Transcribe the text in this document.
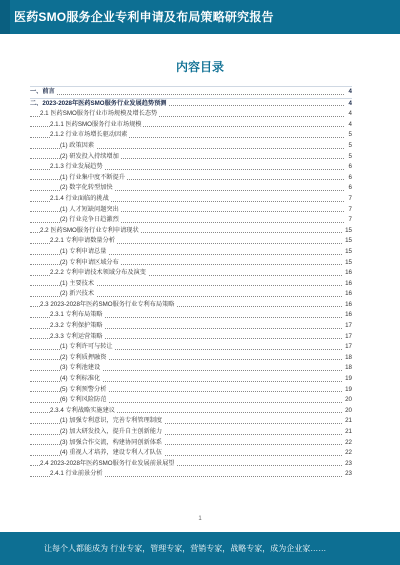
医药SMO服务企业专利申请及布局策略研究报告
内容目录
一、前言	4
二、2023-2028年医药SMO服务行业发展趋势预测	4
2.1 医药SMO服务行业市场规模及增长态势	4
2.1.1 医药SMO服务行业市场规模	4
2.1.2 行业市场增长驱动因素	5
(1) 政策因素	5
(2) 研发投入持续增加	5
2.1.3 行业发展趋势	6
(1) 行业集中度不断提升	6
(2) 数字化转型加快	6
2.1.4 行业面临的挑战	7
(1) 人才短缺问题突出	7
(2) 行业竞争日趋激烈	7
2.2 医药SMO服务行业专利申请现状	15
2.2.1 专利申请数量分析	15
(1) 专利申请总量	15
(2) 专利申请区域分布	15
2.2.2 专利申请技术领域分布及演变	16
(1) 主要技术	16
(2) 新兴技术	16
2.3 2023-2028年医药SMO服务行业专利布局策略	16
2.3.1 专利布局策略	16
2.3.2 专利保护策略	17
2.3.3 专利运营策略	17
(1) 专利许可与转让	17
(2) 专利质押融资	18
(3) 专利池建设	18
(4) 专利标准化	19
(5) 专利预警分析	19
(6) 专利风险防范	20
2.3.4 专利战略实施建议	20
(1) 加强专利意识，完善专利管理制度	21
(2) 加大研发投入，提升自主创新能力	21
(3) 加强合作交流，构建协同创新体系	22
(4) 重视人才培养，建设专利人才队伍	22
2.4 2023-2028年医药SMO服务行业发展前景展望	23
2.4.1 行业前景分析	23
1
让每个人都能成为 行业专家，管理专家，营销专家，战略专家，成为企业家……
